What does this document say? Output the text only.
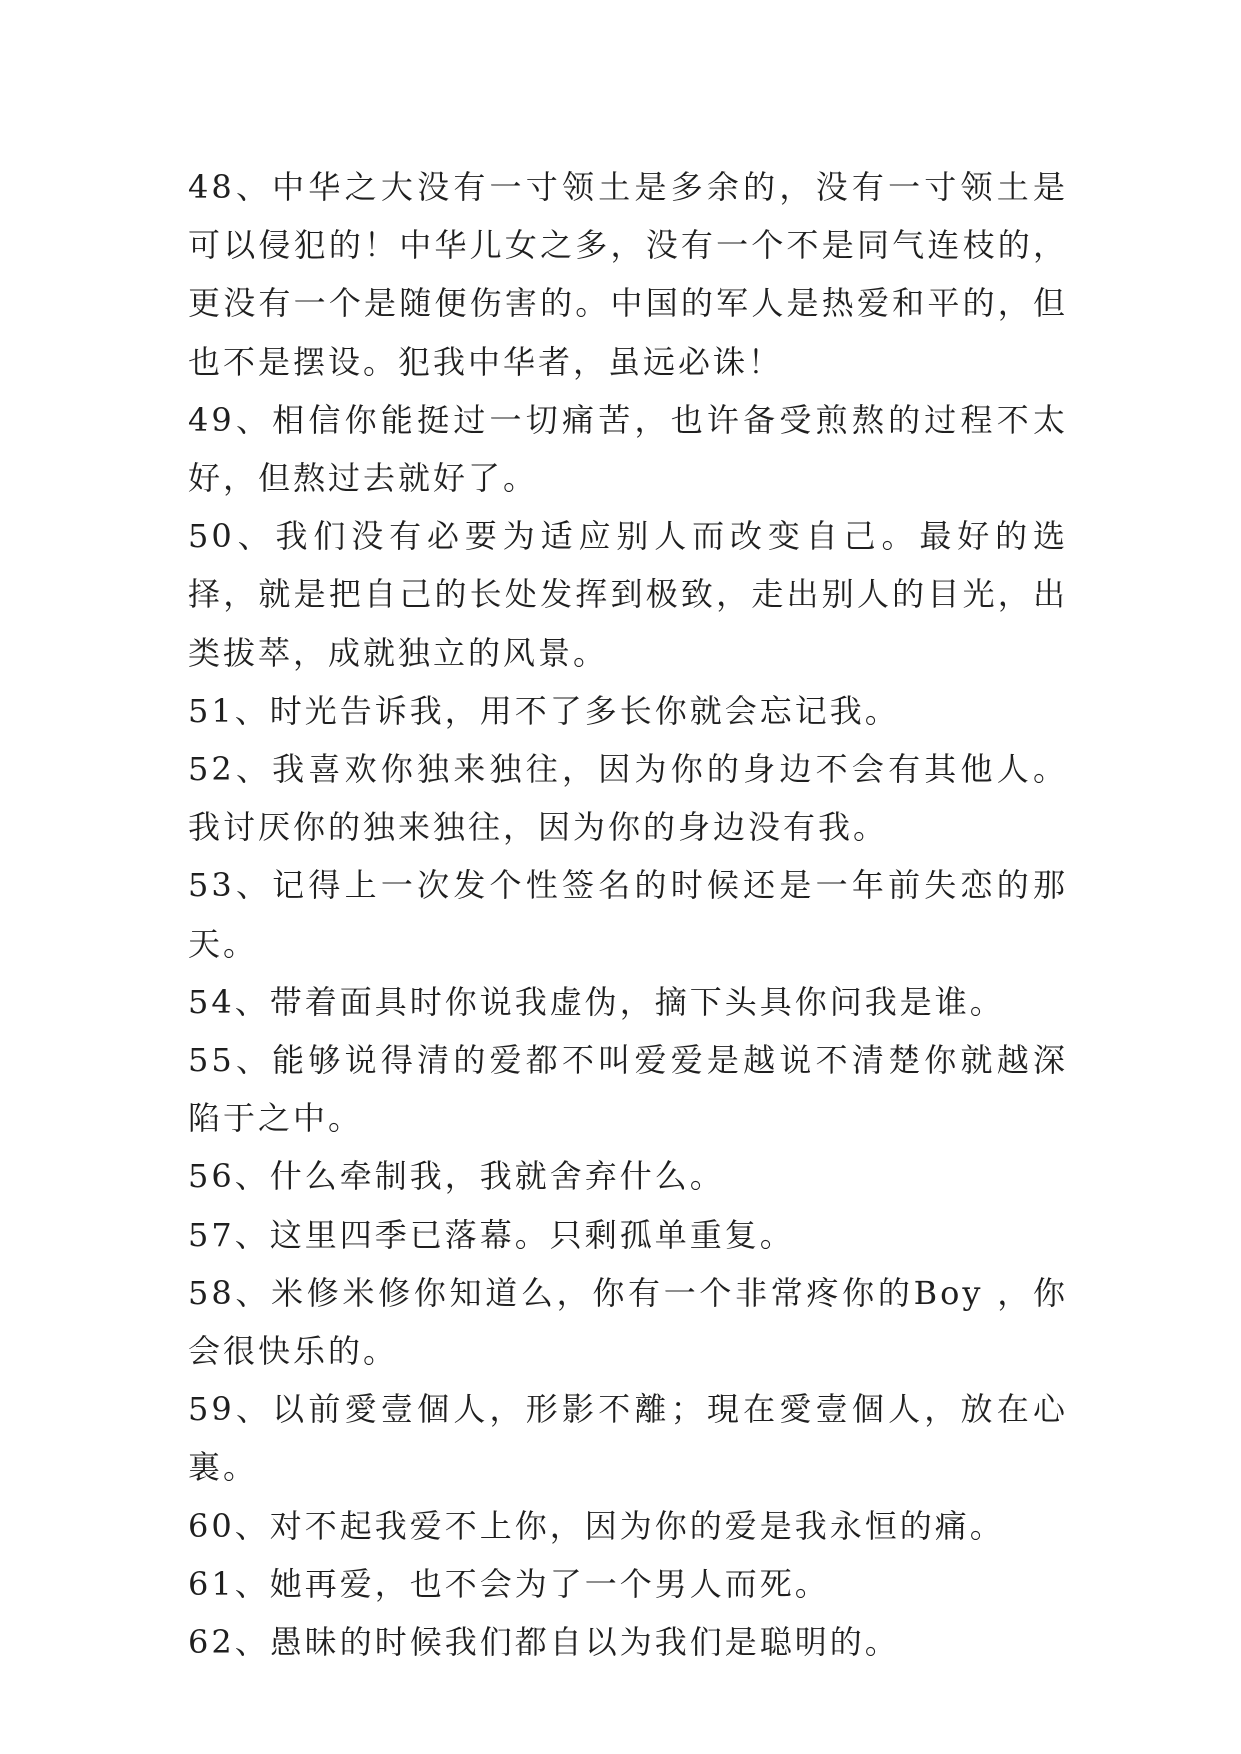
48、中华之大没有一寸领土是多余的，没有一寸领土是可以侵犯的！中华儿女之多，没有一个不是同气连枝的，更没有一个是随便伤害的。中国的军人是热爱和平的，但也不是摆设。犯我中华者，虽远必诛！

49、相信你能挺过一切痛苦，也许备受煎熬的过程不太好，但熬过去就好了。

50、我们没有必要为适应别人而改变自己。最好的选择，就是把自己的长处发挥到极致，走出别人的目光，出类拔萃，成就独立的风景。

51、时光告诉我，用不了多长你就会忘记我。

52、我喜欢你独来独往，因为你的身边不会有其他人。我讨厌你的独来独往，因为你的身边没有我。

53、记得上一次发个性签名的时候还是一年前失恋的那天。

54、带着面具时你说我虚伪，摘下头具你问我是谁。

55、能够说得清的爱都不叫爱爱是越说不清楚你就越深陷于之中。

56、什么牵制我，我就舍弃什么。

57、这里四季已落幕。只剩孤单重复。

58、米修米修你知道么，你有一个非常疼你的Boy ，你会很快乐的。

59、以前愛壹個人，形影不離；現在愛壹個人，放在心裏。

60、对不起我爱不上你，因为你的爱是我永恒的痛。

61、她再爱，也不会为了一个男人而死。

62、愚昧的时候我们都自以为我们是聪明的。
